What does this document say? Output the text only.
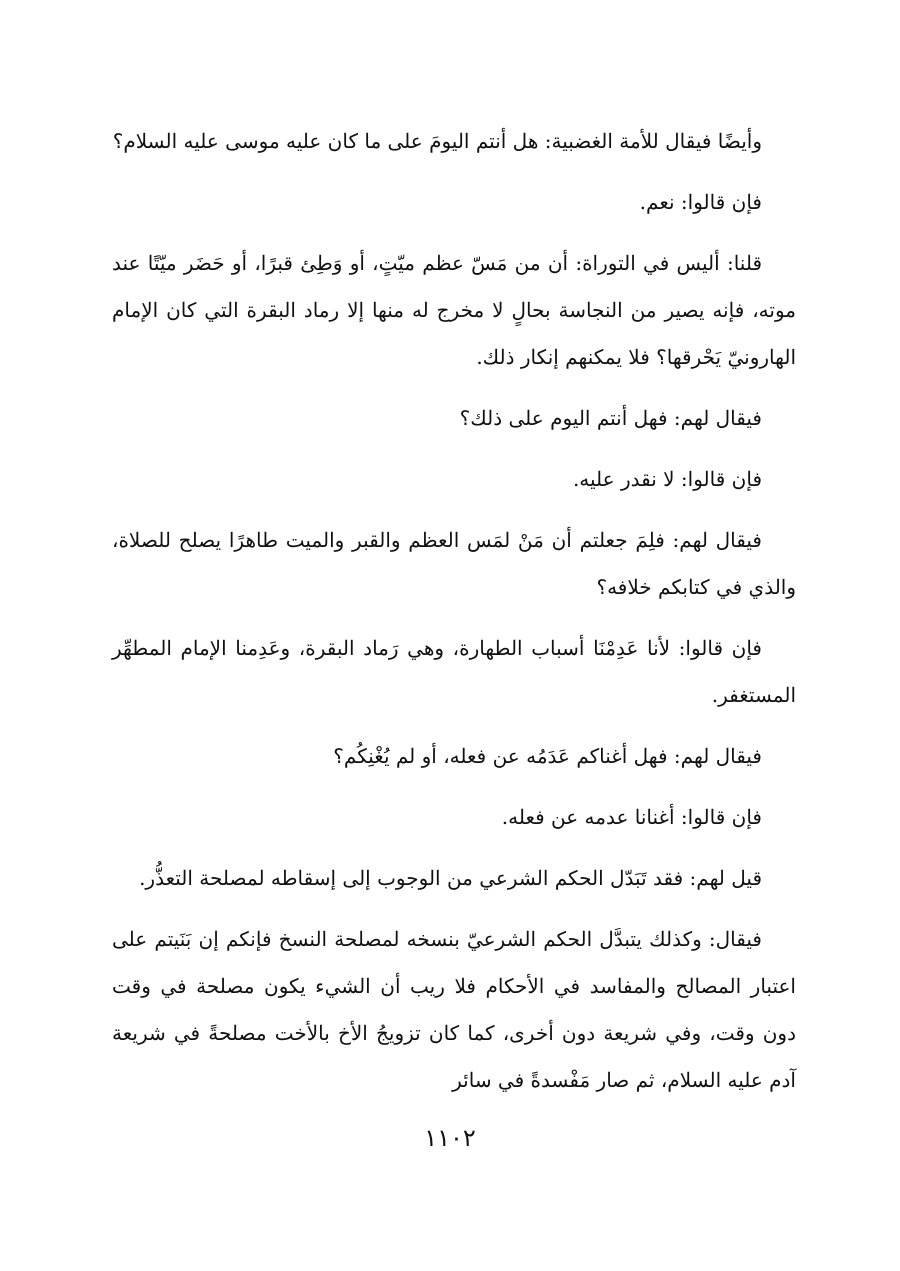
وأيضًا فيقال للأمة الغضبية: هل أنتم اليومَ على ما كان عليه موسى عليه السلام؟

فإن قالوا: نعم.

قلنا: أليس في التوراة: أن من مَسّ عظم ميّتٍ، أو وَطِئ قبرًا، أو حَضَر ميّتًا عند موته، فإنه يصير من النجاسة بحالٍ لا مخرج له منها إلا رماد البقرة التي كان الإمام الهارونيّ يَحْرقها؟ فلا يمكنهم إنكار ذلك.

فيقال لهم: فهل أنتم اليوم على ذلك؟

فإن قالوا: لا نقدر عليه.

فيقال لهم: فلِمَ جعلتم أن مَنْ لمَس العظم والقبر والميت طاهرًا يصلح للصلاة، والذي في كتابكم خلافه؟

فإن قالوا: لأنا عَدِمْنَا أسباب الطهارة، وهي رَماد البقرة، وعَدِمنا الإمام المطهِّر المستغفر.

فيقال لهم: فهل أغناكم عَدَمُه عن فعله، أو لم يُغْنِكُم؟

فإن قالوا: أغنانا عدمه عن فعله.

قيل لهم: فقد تَبَدّل الحكم الشرعي من الوجوب إلى إسقاطه لمصلحة التعذُّر.

فيقال: وكذلك يتبدَّل الحكم الشرعيّ بنسخه لمصلحة النسخ فإنكم إن بَنَيتم على اعتبار المصالح والمفاسد في الأحكام فلا ريب أن الشيء يكون مصلحة في وقت دون وقت، وفي شريعة دون أخرى، كما كان تزويجُ الأخ بالأخت مصلحةً في شريعة آدم عليه السلام، ثم صار مَفْسدةً في سائر

١١٠٢
